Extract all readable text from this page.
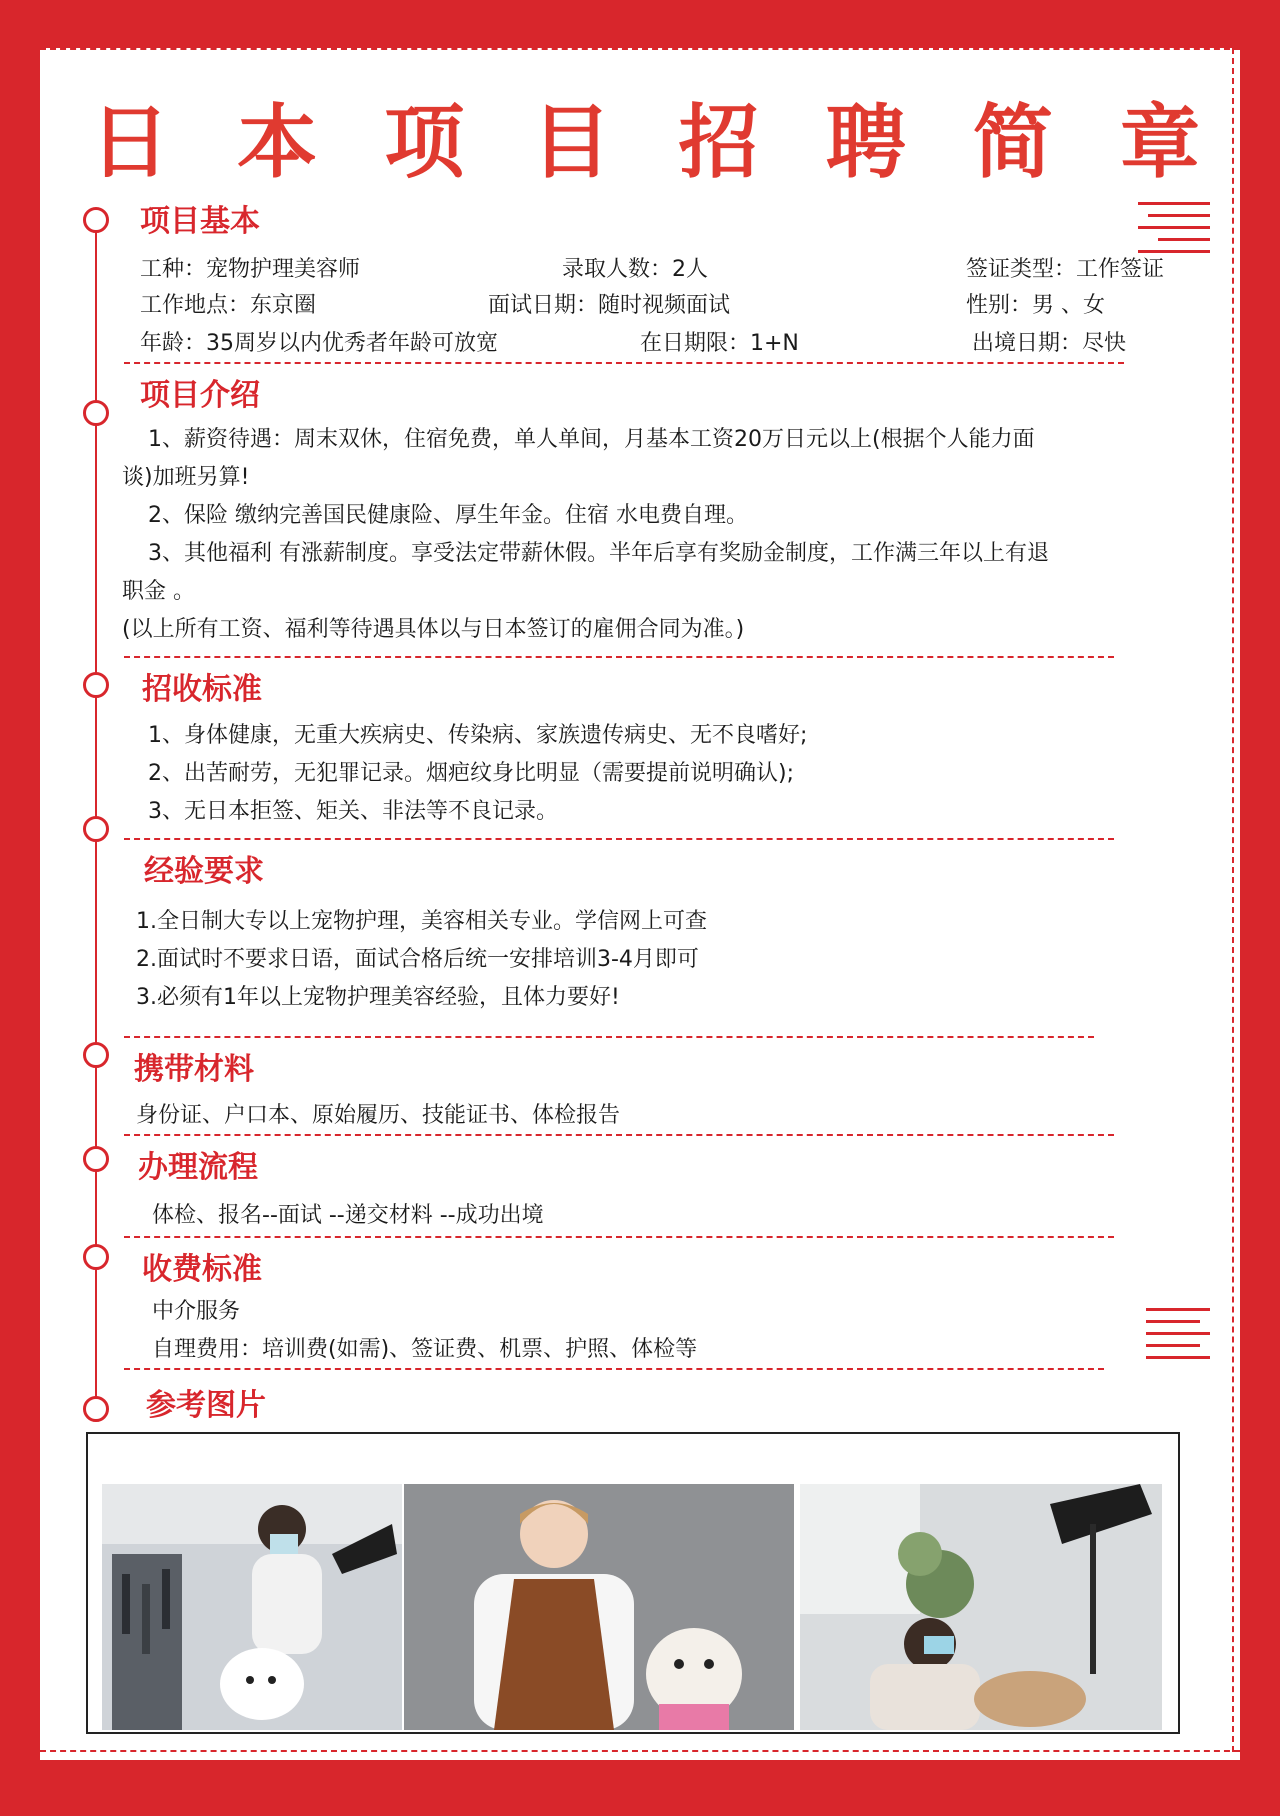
日 本 项 目 招 聘 简 章
项目基本
工种：宠物护理美容师	录取人数：2人	签证类型：工作签证
工作地点：东京圈	面试日期：随时视频面试	性别：男 、女
年龄：35周岁以内优秀者年龄可放宽	在日期限：1+N	出境日期：尽快
项目介绍
1、薪资待遇：周末双休，住宿免费，单人单间，月基本工资20万日元以上(根据个人能力面
谈)加班另算!
2、保险 缴纳完善国民健康险、厚生年金。住宿 水电费自理。
3、其他福利 有涨薪制度。享受法定带薪休假。半年后享有奖励金制度，工作满三年以上有退
职金 。
(以上所有工资、福利等待遇具体以与日本签订的雇佣合同为准。)
招收标准
1、身体健康，无重大疾病史、传染病、家族遗传病史、无不良嗜好;
2、出苦耐劳，无犯罪记录。烟疤纹身比明显（需要提前说明确认);
3、无日本拒签、矩关、非法等不良记录。
经验要求
1.全日制大专以上宠物护理，美容相关专业。学信网上可查
2.面试时不要求日语，面试合格后统一安排培训3-4月即可
3.必须有1年以上宠物护理美容经验，且体力要好!
携带材料
身份证、户口本、原始履历、技能证书、体检报告
办理流程
体检、报名--面试 --递交材料 --成功出境
收费标准
中介服务
自理费用：培训费(如需)、签证费、机票、护照、体检等
参考图片
